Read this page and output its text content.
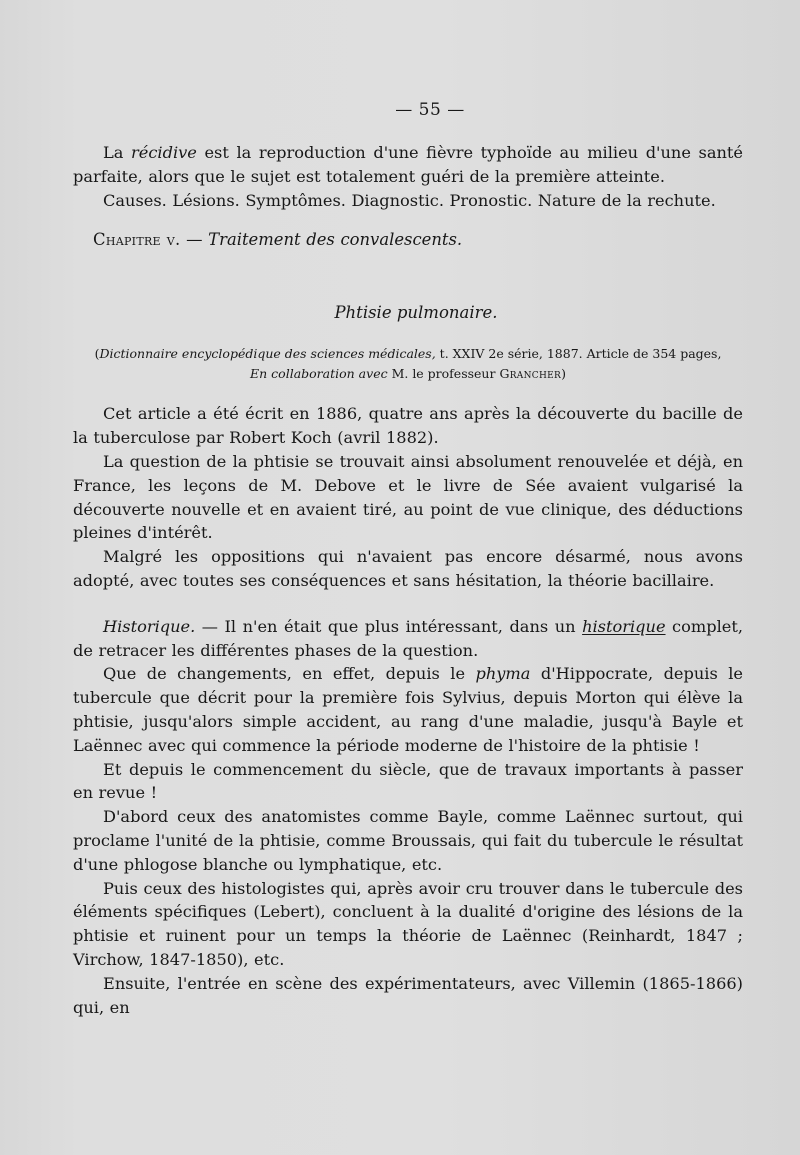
— 55 —

La récidive est la reproduction d'une fièvre typhoïde au milieu d'une santé parfaite, alors que le sujet est totalement guéri de la première atteinte.

Causes. Lésions. Symptômes. Diagnostic. Pronostic. Nature de la rechute.

Chapitre v. — Traitement des convalescents.

Phtisie pulmonaire.
(Dictionnaire encyclopédique des sciences médicales, t. XXIV 2e série, 1887. Article de 354 pages,
En collaboration avec M. le professeur Grancher)

Cet article a été écrit en 1886, quatre ans après la découverte du bacille de la tuberculose par Robert Koch (avril 1882).

La question de la phtisie se trouvait ainsi absolument renouvelée et déjà, en France, les leçons de M. Debove et le livre de Sée avaient vulgarisé la découverte nouvelle et en avaient tiré, au point de vue clinique, des déductions pleines d'intérêt.

Malgré les oppositions qui n'avaient pas encore désarmé, nous avons adopté, avec toutes ses conséquences et sans hésitation, la théorie bacillaire.

Historique. — Il n'en était que plus intéressant, dans un historique complet, de retracer les différentes phases de la question.

Que de changements, en effet, depuis le phyma d'Hippocrate, depuis le tubercule que décrit pour la première fois Sylvius, depuis Morton qui élève la phtisie, jusqu'alors simple accident, au rang d'une maladie, jusqu'à Bayle et Laënnec avec qui commence la période moderne de l'histoire de la phtisie !

Et depuis le commencement du siècle, que de travaux importants à passer en revue !

D'abord ceux des anatomistes comme Bayle, comme Laënnec surtout, qui proclame l'unité de la phtisie, comme Broussais, qui fait du tubercule le résultat d'une phlogose blanche ou lymphatique, etc.

Puis ceux des histologistes qui, après avoir cru trouver dans le tubercule des éléments spécifiques (Lebert), concluent à la dualité d'origine des lésions de la phtisie et ruinent pour un temps la théorie de Laënnec (Reinhardt, 1847 ; Virchow, 1847-1850), etc.

Ensuite, l'entrée en scène des expérimentateurs, avec Villemin (1865-1866) qui, en
